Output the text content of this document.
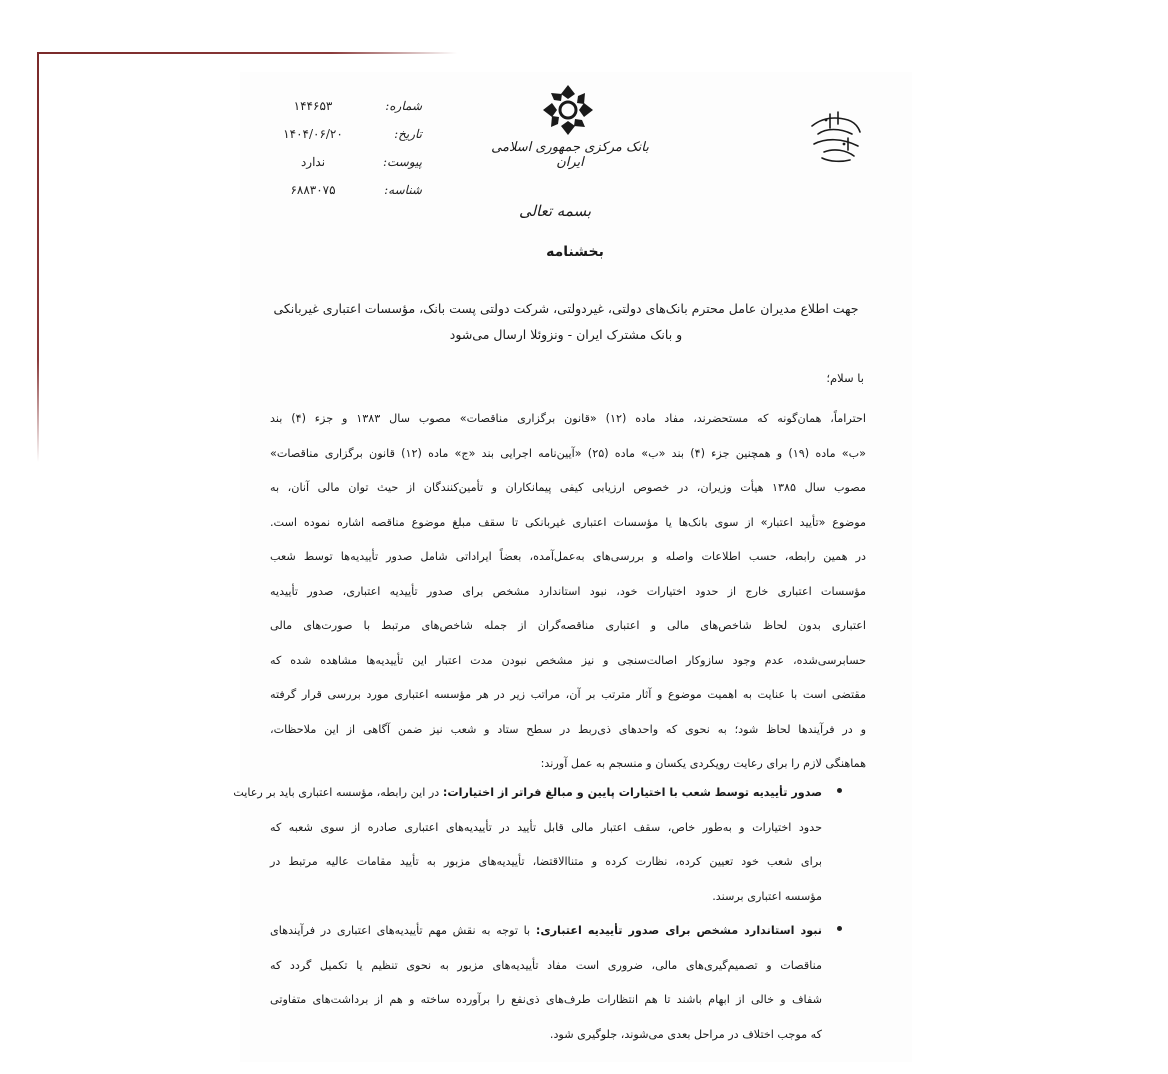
شماره:
۱۴۴۶۵۳
تاریخ:
۱۴۰۴/۰۶/۲۰
پیوست:
ندارد
شناسه:
۶۸۸۳۰۷۵
بانک مرکزی جمهوری اسلامی ایران
بسمه تعالی
بخشنامه
جهت اطلاع مدیران عامل محترم بانک‌های دولتی، غیردولتی، شرکت دولتی پست بانک، مؤسسات اعتباری غیربانکی و بانک مشترک ایران - ونزوئلا ارسال می‌شود
با سلام؛
احتراماً، همان‌گونه که مستحضرند، مفاد ماده (۱۲) «قانون برگزاری مناقصات» مصوب سال ۱۳۸۳ و جزء (۴) بند
«ب» ماده (۱۹) و همچنین جزء (۴) بند «ب» ماده (۲۵) «آیین‌نامه اجرایی بند «ج» ماده (۱۲) قانون برگزاری مناقصات»
مصوب سال ۱۳۸۵ هیأت وزیران، در خصوص ارزیابی کیفی پیمانکاران و تأمین‌کنندگان از حیث توان مالی آنان، به
موضوع «تأیید اعتبار» از سوی بانک‌ها یا مؤسسات اعتباری غیربانکی تا سقف مبلغ موضوع مناقصه اشاره نموده است.
در همین رابطه، حسب اطلاعات واصله و بررسی‌های به‌عمل‌آمده، بعضاً ایراداتی شامل صدور تأییدیه‌ها توسط شعب
مؤسسات اعتباری خارج از حدود اختیارات خود، نبود استاندارد مشخص برای صدور تأییدیه اعتباری، صدور تأییدیه
اعتباری بدون لحاظ شاخص‌های مالی و اعتباری مناقصه‌گران از جمله شاخص‌های مرتبط با صورت‌های مالی
حسابرسی‌شده، عدم وجود سازوکار اصالت‌سنجی و نیز مشخص نبودن مدت اعتبار این تأییدیه‌ها مشاهده شده که
مقتضی است با عنایت به اهمیت موضوع و آثار مترتب بر آن، مراتب زیر در هر مؤسسه اعتباری مورد بررسی قرار گرفته
و در فرآیندها لحاظ شود؛ به نحوی که واحدهای ذی‌ربط در سطح ستاد و شعب نیز ضمن آگاهی از این ملاحظات،
هماهنگی لازم را برای رعایت رویکردی یکسان و منسجم به عمل آورند:
صدور تأییدیه توسط شعب با اختیارات پایین و مبالغ فراتر از اختیارات: در این رابطه، مؤسسه اعتباری باید بر رعایت
حدود اختیارات و به‌طور خاص، سقف اعتبار مالی قابل تأیید در تأییدیه‌های اعتباری صادره از سوی شعبه که
برای شعب خود تعیین کرده، نظارت کرده و متناالاقتضا، تأییدیه‌های مزبور به تأیید مقامات عالیه مرتبط در
مؤسسه اعتباری برسند.
نبود استاندارد مشخص برای صدور تأییدیه اعتباری: با توجه به نقش مهم تأییدیه‌های اعتباری در فرآیندهای
مناقصات و تصمیم‌گیری‌های مالی، ضروری است مفاد تأییدیه‌های مزبور به نحوی تنظیم یا تکمیل گردد که
شفاف و خالی از ابهام باشند تا هم انتظارات طرف‌های ذی‌نفع را برآورده ساخته و هم از برداشت‌های متفاوتی
که موجب اختلاف در مراحل بعدی می‌شوند، جلوگیری شود.
